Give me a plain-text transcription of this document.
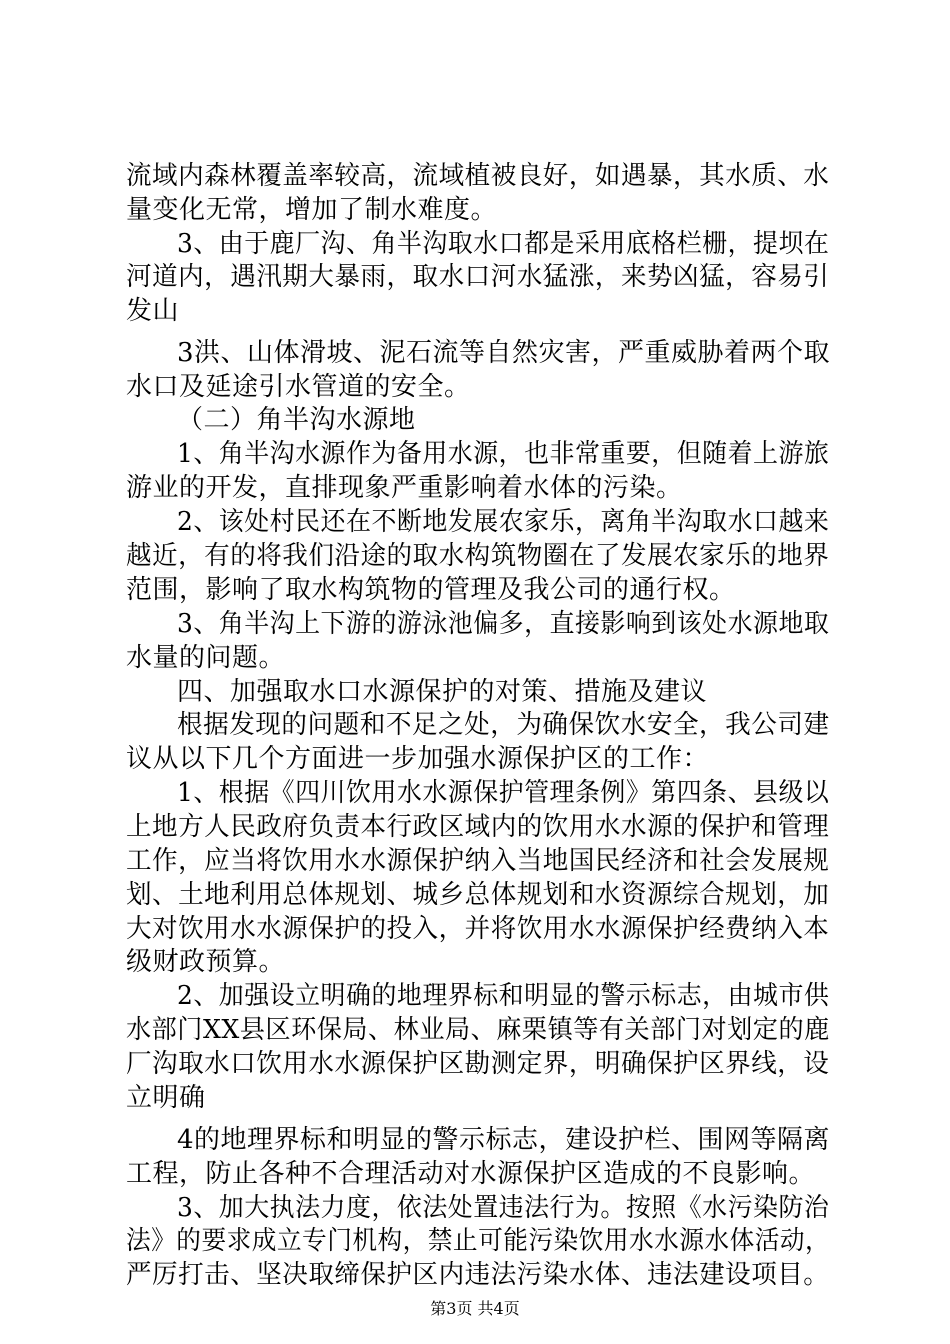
流域内森林覆盖率较高，流域植被良好，如遇暴，其水质、水
量变化无常，增加了制水难度。
3、由于鹿厂沟、角半沟取水口都是采用底格栏栅，提坝在
河道内，遇汛期大暴雨，取水口河水猛涨，来势凶猛，容易引
发山
3洪、山体滑坡、泥石流等自然灾害，严重威胁着两个取
水口及延途引水管道的安全。
（二）角半沟水源地
1、角半沟水源作为备用水源，也非常重要，但随着上游旅
游业的开发，直排现象严重影响着水体的污染。
2、该处村民还在不断地发展农家乐，离角半沟取水口越来
越近，有的将我们沿途的取水构筑物圈在了发展农家乐的地界
范围，影响了取水构筑物的管理及我公司的通行权。
3、角半沟上下游的游泳池偏多，直接影响到该处水源地取
水量的问题。
四、加强取水口水源保护的对策、措施及建议
根据发现的问题和不足之处，为确保饮水安全，我公司建
议从以下几个方面进一步加强水源保护区的工作：
1、根据《四川饮用水水源保护管理条例》第四条、县级以
上地方人民政府负责本行政区域内的饮用水水源的保护和管理
工作，应当将饮用水水源保护纳入当地国民经济和社会发展规
划、土地利用总体规划、城乡总体规划和水资源综合规划，加
大对饮用水水源保护的投入，并将饮用水水源保护经费纳入本
级财政预算。
2、加强设立明确的地理界标和明显的警示标志，由城市供
水部门XX县区环保局、林业局、麻栗镇等有关部门对划定的鹿
厂沟取水口饮用水水源保护区勘测定界，明确保护区界线，设
立明确
4的地理界标和明显的警示标志，建设护栏、围网等隔离
工程，防止各种不合理活动对水源保护区造成的不良影响。
3、加大执法力度，依法处置违法行为。按照《水污染防治
法》的要求成立专门机构，禁止可能污染饮用水水源水体活动，
严厉打击、坚决取缔保护区内违法污染水体、违法建设项目。
第3页 共4页
